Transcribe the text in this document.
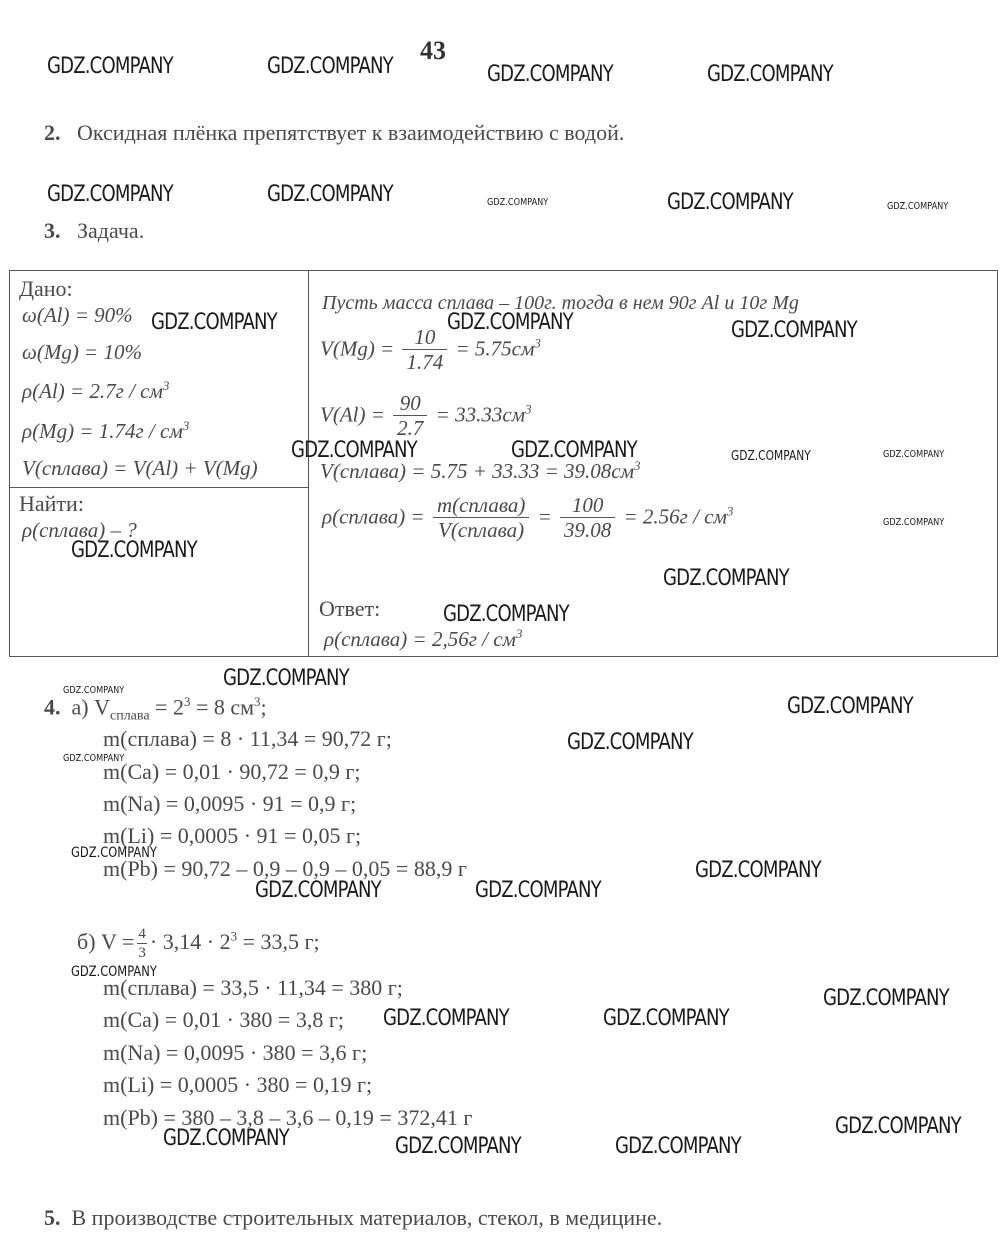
43
2. Оксидная плёнка препятствует к взаимодействию с водой.
3. Задача.
Дано:
ω(Al) = 90%
ω(Mg) = 10%
$\rho(Al) = 2.7г / см^3$
$\rho(Mg) = 1.74г / см^3$
V(сплава) = V(Al) + V(Mg)
Найти:
ρ(сплава) – ?
Пусть масса сплава – 100г. тогда в нем 90г Al и 10г Mg
$V(Mg) = \frac{10}{1.74} = 5.75см^3$
$V(Al) = \frac{90}{2.7} = 33.33см^3$
V(сплава) = $5.75 + 33.33 = 39.08см^3$
ρ(сплава) = $\frac{\text{m(сплава)}}{\text{V(сплава)}} = \frac{100}{39.08} = 2.56г / см^3$
Ответ:
ρ(сплава) = $2,56г / см^3$
4. а) $V_{сплава} = 2^3 = 8$ $см^3$;
m(сплава) = 8 · 11,34 = 90,72 г;
m(Ca) = 0,01 · 90,72 = 0,9 г;
m(Na) = 0,0095 · 91 = 0,9 г;
m(Li) = 0,0005 · 91 = 0,05 г;
m(Pb) = 90,72 – 0,9 – 0,9 – 0,05 = 88,9 г
б) $V = \frac{4}{3} \cdot 3,14 \cdot 2^3 = 33,5$ г;
m(сплава) = 33,5 · 11,34 = 380 г;
m(Ca) = 0,01 · 380 = 3,8 г;
m(Na) = 0,0095 · 380 = 3,6 г;
m(Li) = 0,0005 · 380 = 0,19 г;
m(Pb) = 380 – 3,8 – 3,6 – 0,19 = 372,41 г
5. В производстве строительных материалов, стекол, в медицине.
GDZ.COMPANY	GDZ.COMPANY	GDZ.COMPANY	GDZ.COMPANY
GDZ.COMPANY	GDZ.COMPANY	GDZ.COMPANY	GDZ.COMPANY	GDZ.COMPANY
GDZ.COMPANY	GDZ.COMPANY	GDZ.COMPANY
GDZ.COMPANY	GDZ.COMPANY	GDZ.COMPANY	GDZ.COMPANY
GDZ.COMPANY
GDZ.COMPANY
GDZ.COMPANY
GDZ.COMPANY
GDZ.COMPANY
GDZ.COMPANY
GDZ.COMPANY
GDZ.COMPANY
GDZ.COMPANY
GDZ.COMPANY
GDZ.COMPANY
GDZ.COMPANY	GDZ.COMPANY
GDZ.COMPANY
GDZ.COMPANY
GDZ.COMPANY	GDZ.COMPANY
GDZ.COMPANY
GDZ.COMPANY	GDZ.COMPANY	GDZ.COMPANY
